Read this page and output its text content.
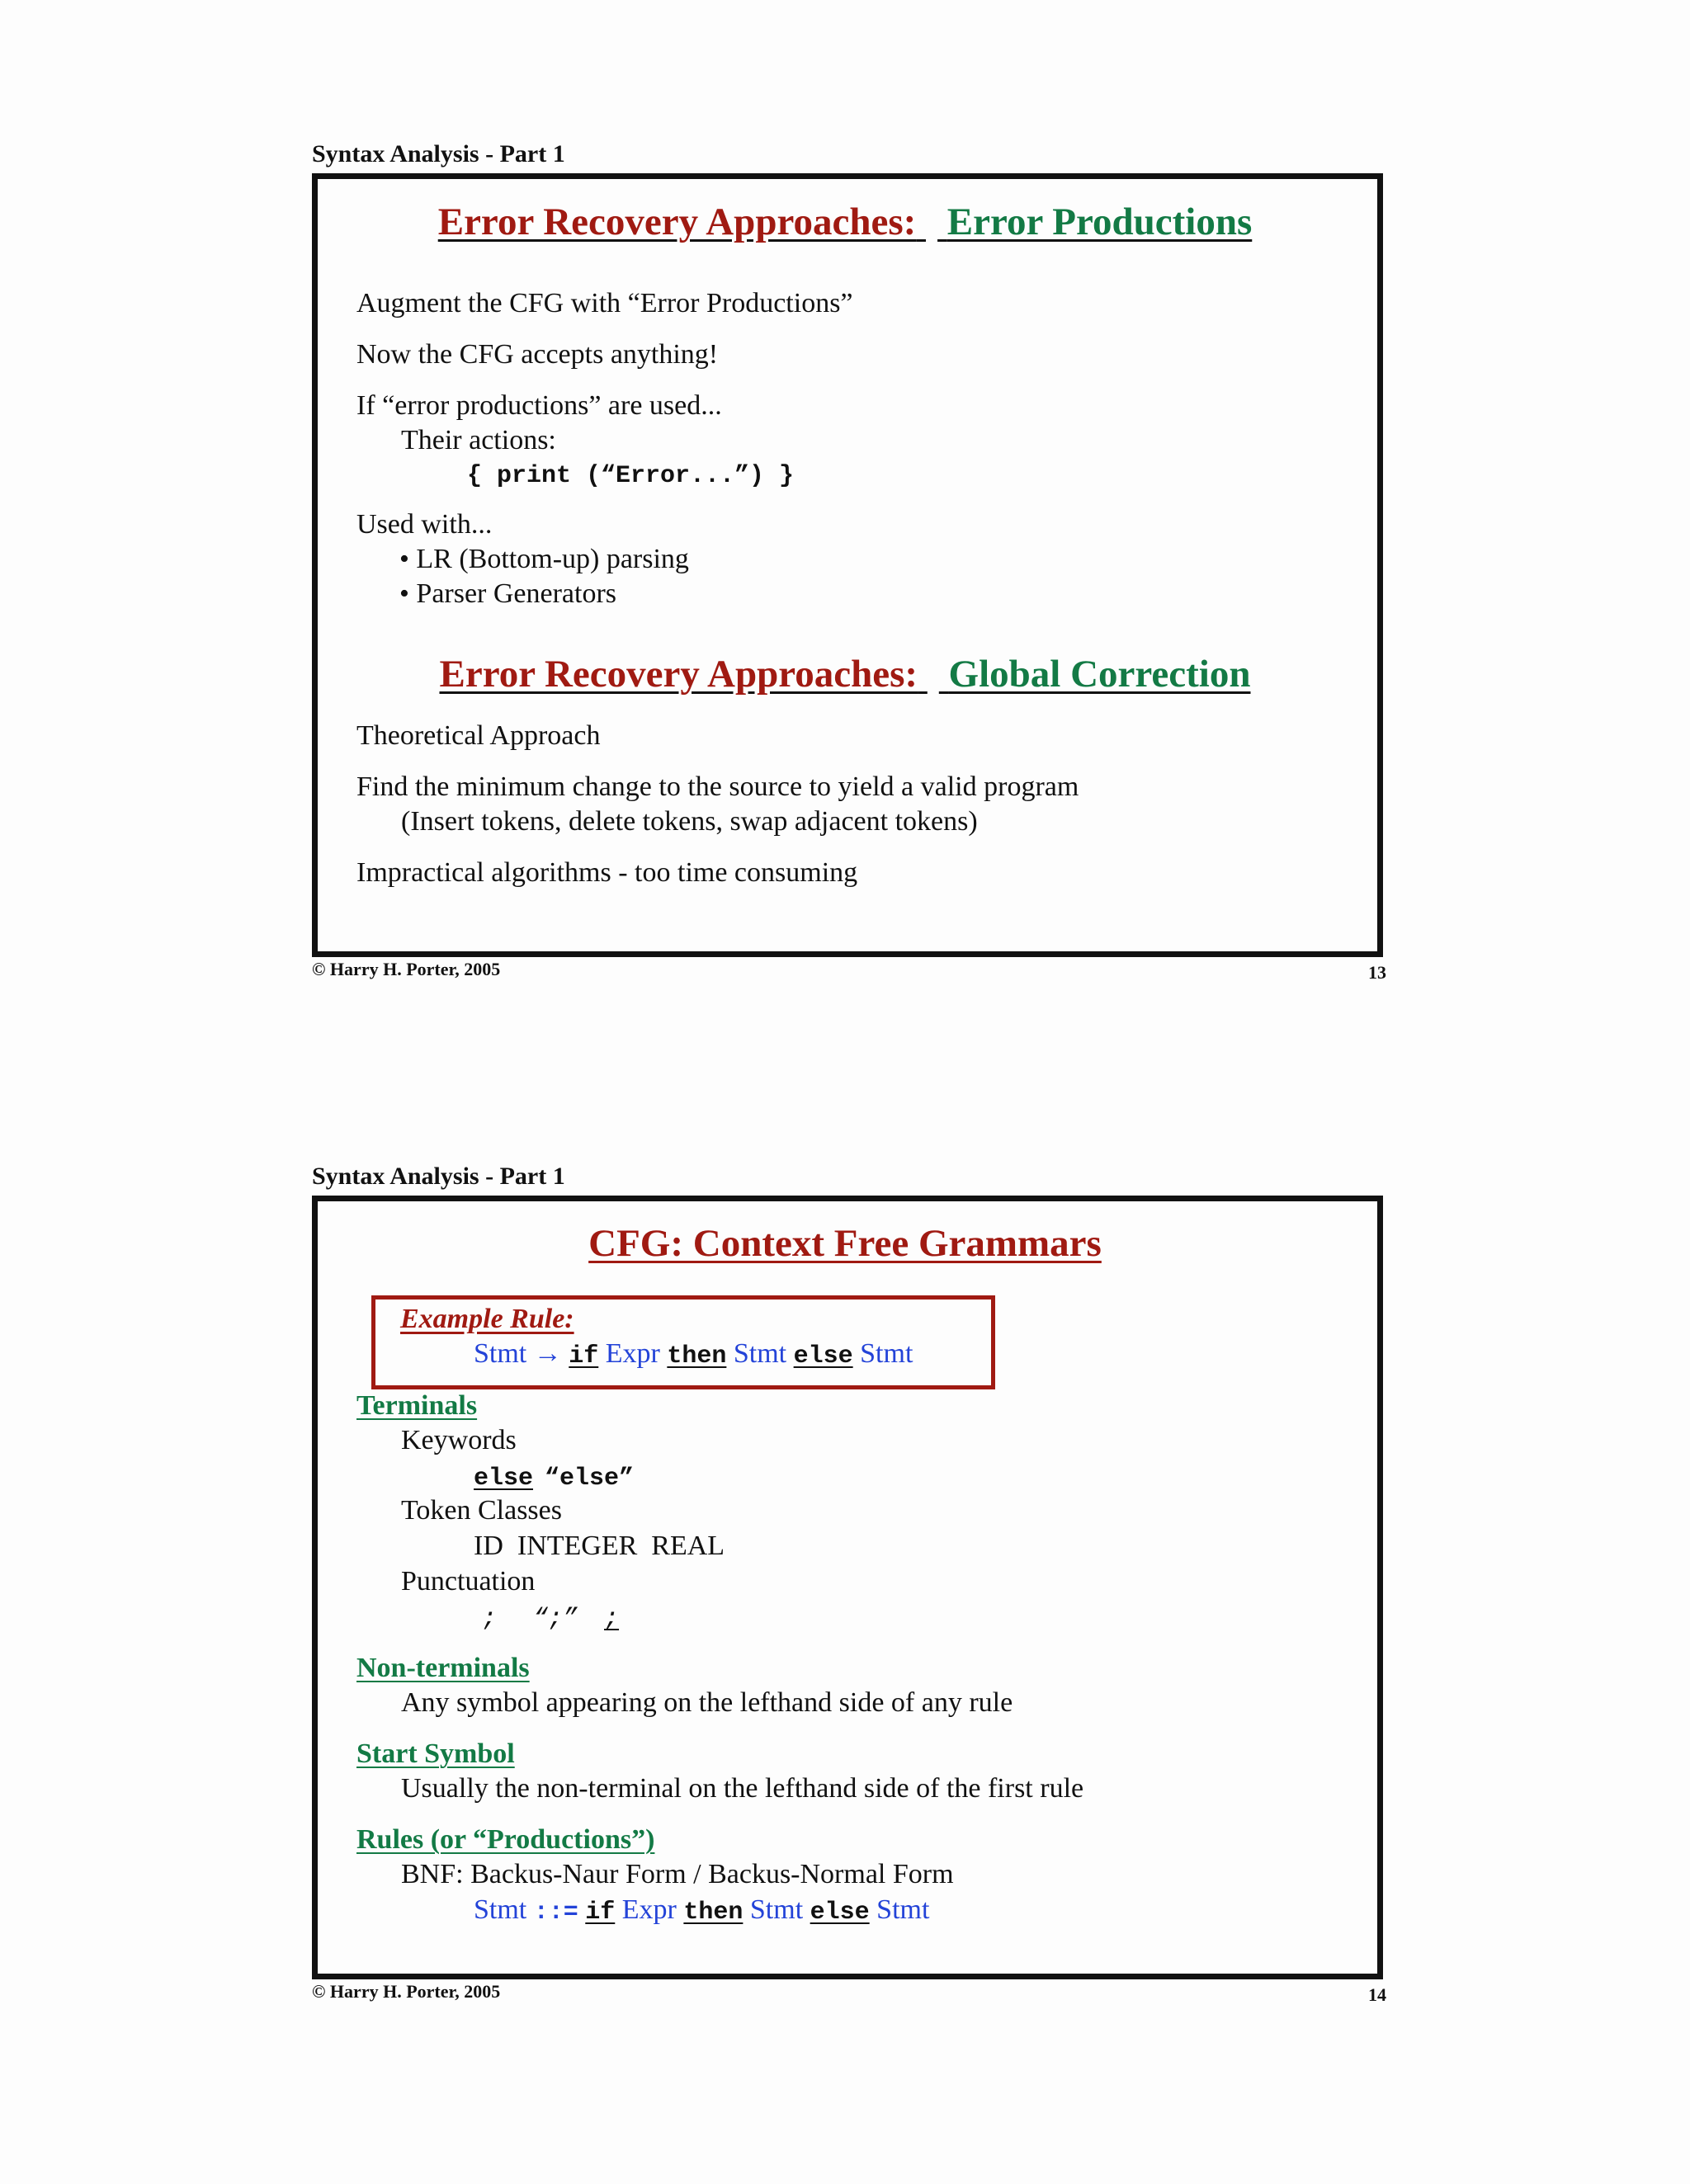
Syntax Analysis - Part 1
Error Recovery Approaches: Error Productions
Augment the CFG with “Error Productions”
Now the CFG accepts anything!
If “error productions” are used...
Their actions:
{ print (“Error...”) }
Used with...
• LR (Bottom-up) parsing
• Parser Generators
Error Recovery Approaches: Global Correction
Theoretical Approach
Find the minimum change to the source to yield a valid program
(Insert tokens, delete tokens, swap adjacent tokens)
Impractical algorithms - too time consuming
© Harry H. Porter, 2005	13
Syntax Analysis - Part 1
CFG: Context Free Grammars
Example Rule:
Stmt → if Expr then Stmt else Stmt
Terminals
Keywords
else “else”
Token Classes
ID  INTEGER  REAL
Punctuation
; “;” ;
Non-terminals
Any symbol appearing on the lefthand side of any rule
Start Symbol
Usually the non-terminal on the lefthand side of the first rule
Rules (or “Productions”)
BNF: Backus-Naur Form / Backus-Normal Form
Stmt ::= if Expr then Stmt else Stmt
© Harry H. Porter, 2005	14
